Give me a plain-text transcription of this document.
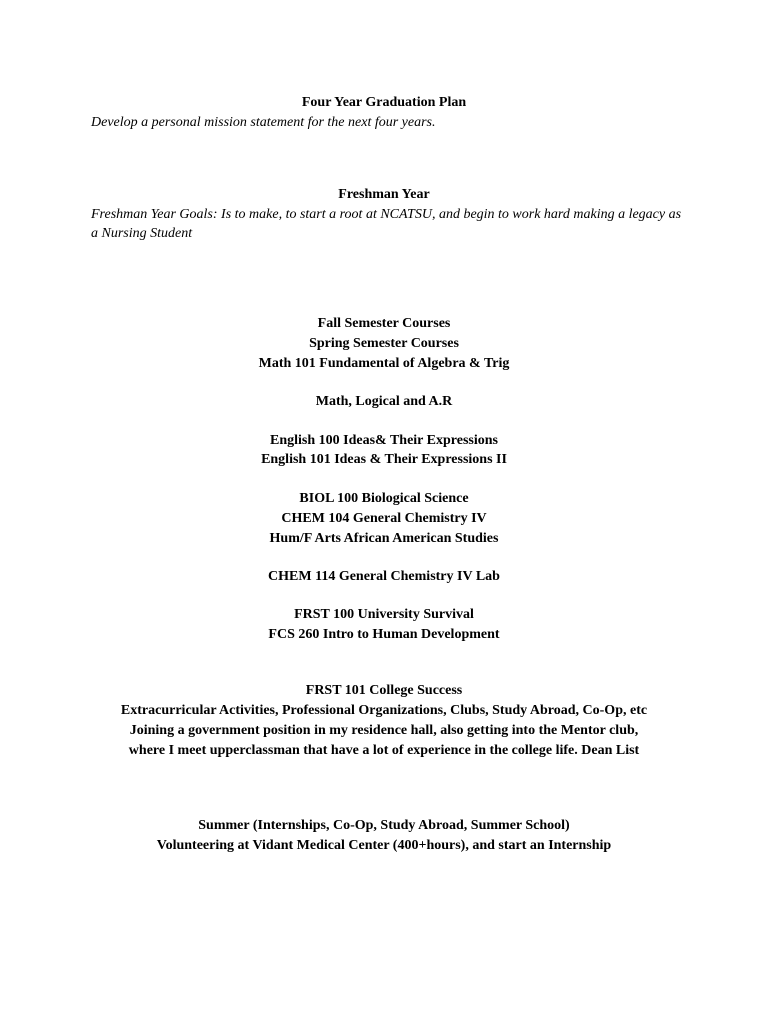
Four Year Graduation Plan
Develop a personal mission statement for the next four years.
Freshman Year
Freshman Year Goals: Is to make, to start a root at NCATSU, and begin to work hard making a legacy as a Nursing Student
Fall Semester Courses
Spring Semester Courses
Math 101 Fundamental of Algebra & Trig
Math, Logical and A.R
English 100 Ideas& Their Expressions
English 101 Ideas & Their Expressions II
BIOL 100 Biological Science
CHEM 104 General Chemistry IV
Hum/F Arts African American Studies
CHEM 114 General Chemistry IV Lab
FRST 100 University Survival
FCS 260 Intro to Human Development
FRST 101 College Success
Extracurricular Activities, Professional Organizations, Clubs, Study Abroad, Co-Op, etc
Joining a government position in my residence hall, also getting into the Mentor club,
where I meet upperclassman that have a lot of experience in the college life. Dean List
Summer (Internships, Co-Op, Study Abroad, Summer School)
Volunteering at Vidant Medical Center (400+hours), and start an Internship
